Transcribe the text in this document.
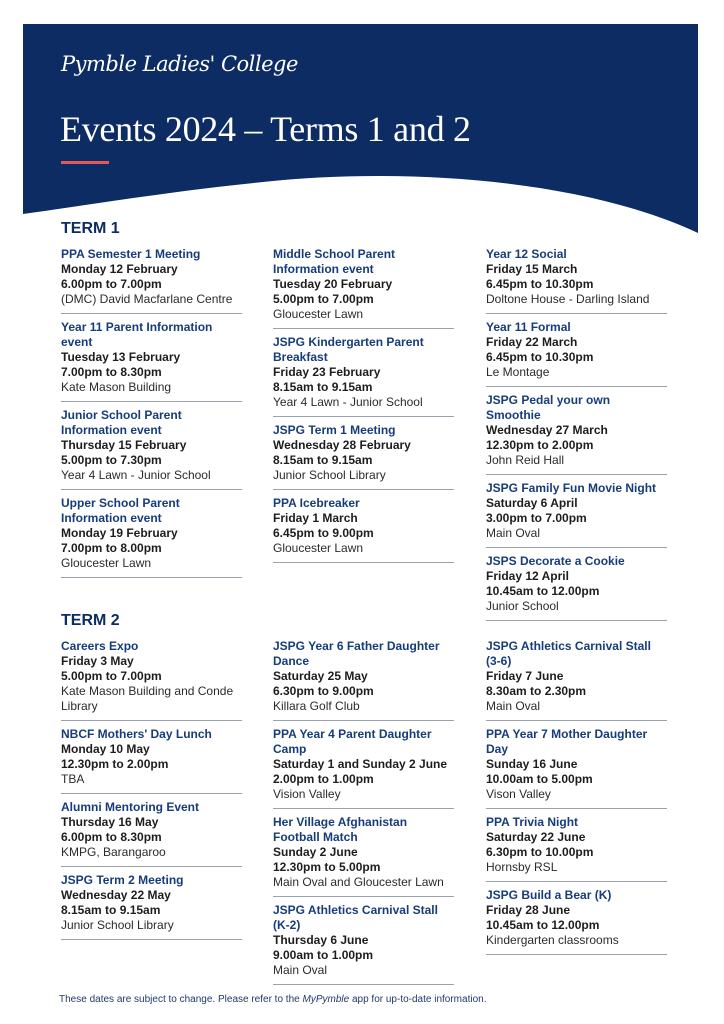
Pymble Ladies' College
Events 2024 – Terms 1 and 2
TERM 1
PPA Semester 1 Meeting
Monday 12 February
6.00pm to 7.00pm
(DMC) David Macfarlane Centre
Year 11 Parent Information event
Tuesday 13 February
7.00pm to 8.30pm
Kate Mason Building
Junior School Parent Information event
Thursday 15 February
5.00pm to 7.30pm
Year 4 Lawn - Junior School
Upper School Parent Information event
Monday 19 February
7.00pm to 8.00pm
Gloucester Lawn
Middle School Parent Information event
Tuesday 20 February
5.00pm to 7.00pm
Gloucester Lawn
JSPG Kindergarten Parent Breakfast
Friday 23 February
8.15am to 9.15am
Year 4 Lawn - Junior School
JSPG Term 1 Meeting
Wednesday 28 February
8.15am to 9.15am
Junior School Library
PPA Icebreaker
Friday 1 March
6.45pm to 9.00pm
Gloucester Lawn
Year 12 Social
Friday 15 March
6.45pm to 10.30pm
Doltone House - Darling Island
Year 11 Formal
Friday 22 March
6.45pm to 10.30pm
Le Montage
JSPG Pedal your own Smoothie
Wednesday 27 March
12.30pm to 2.00pm
John Reid Hall
JSPG Family Fun Movie Night
Saturday 6 April
3.00pm to 7.00pm
Main Oval
JSPS Decorate a Cookie
Friday 12 April
10.45am to 12.00pm
Junior School
TERM 2
Careers Expo
Friday 3 May
5.00pm to 7.00pm
Kate Mason Building and Conde Library
NBCF Mothers' Day Lunch
Monday 10 May
12.30pm to 2.00pm
TBA
Alumni Mentoring Event
Thursday 16 May
6.00pm to 8.30pm
KMPG, Barangaroo
JSPG Term 2 Meeting
Wednesday 22 May
8.15am to 9.15am
Junior School Library
JSPG Year 6 Father Daughter Dance
Saturday 25 May
6.30pm to 9.00pm
Killara Golf Club
PPA Year 4 Parent Daughter Camp
Saturday 1 and Sunday 2 June
2.00pm to 1.00pm
Vision Valley
Her Village Afghanistan Football Match
Sunday 2 June
12.30pm to 5.00pm
Main Oval and Gloucester Lawn
JSPG Athletics Carnival Stall (K-2)
Thursday 6 June
9.00am to 1.00pm
Main Oval
JSPG Athletics Carnival Stall (3-6)
Friday 7 June
8.30am to 2.30pm
Main Oval
PPA Year 7 Mother Daughter Day
Sunday 16 June
10.00am to 5.00pm
Vison Valley
PPA Trivia Night
Saturday 22 June
6.30pm to 10.00pm
Hornsby RSL
JSPG Build a Bear (K)
Friday 28 June
10.45am to 12.00pm
Kindergarten classrooms
These dates are subject to change. Please refer to the MyPymble app for up-to-date information.
